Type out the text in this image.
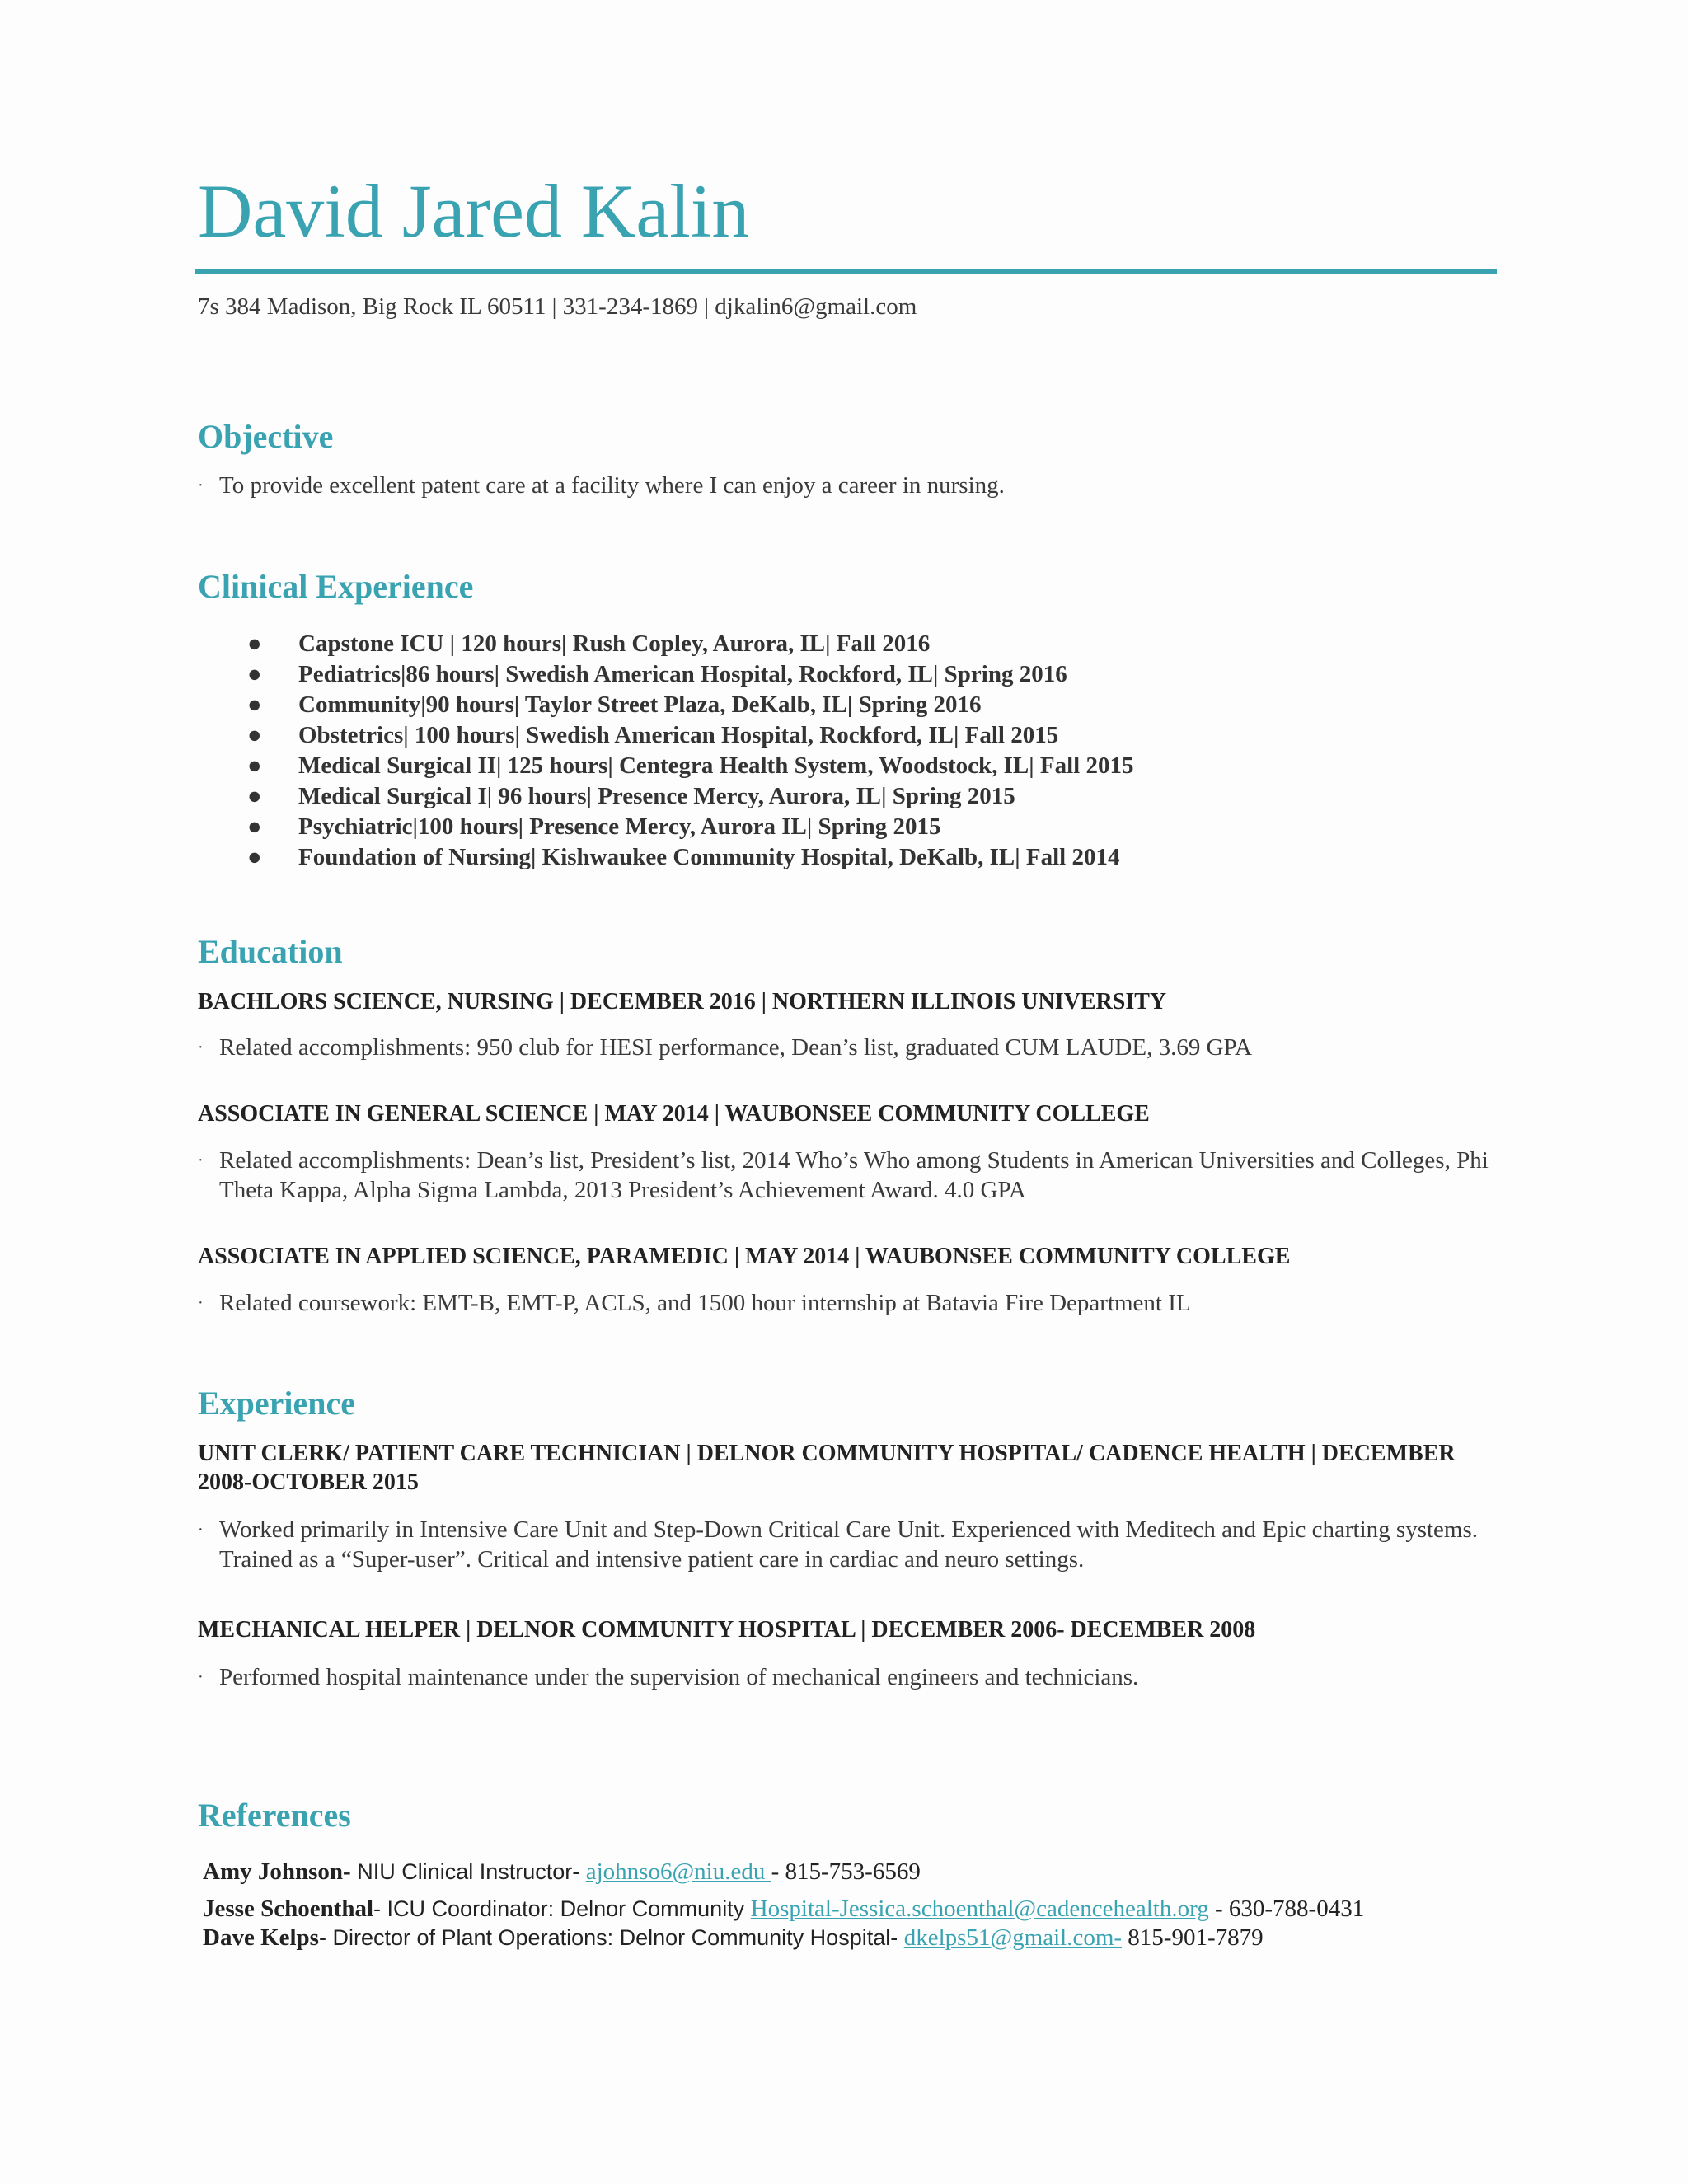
David Jared Kalin
7s 384 Madison, Big Rock IL 60511 | 331-234-1869 | djkalin6@gmail.com
Objective
· To provide excellent patent care at a facility where I can enjoy a career in nursing.
Clinical Experience
● Capstone ICU | 120 hours| Rush Copley, Aurora, IL| Fall 2016
● Pediatrics|86 hours| Swedish American Hospital, Rockford, IL| Spring 2016
● Community|90 hours| Taylor Street Plaza, DeKalb, IL| Spring 2016
● Obstetrics| 100 hours| Swedish American Hospital, Rockford, IL| Fall 2015
● Medical Surgical II| 125 hours| Centegra Health System, Woodstock, IL| Fall 2015
● Medical Surgical I| 96 hours| Presence Mercy, Aurora, IL| Spring 2015
● Psychiatric|100 hours| Presence Mercy, Aurora IL| Spring 2015
● Foundation of Nursing| Kishwaukee Community Hospital, DeKalb, IL| Fall 2014
Education
BACHLORS SCIENCE, NURSING | DECEMBER 2016 | NORTHERN ILLINOIS UNIVERSITY
· Related accomplishments: 950 club for HESI performance, Dean’s list, graduated CUM LAUDE, 3.69 GPA
ASSOCIATE IN GENERAL SCIENCE | MAY 2014 | WAUBONSEE COMMUNITY COLLEGE
· Related accomplishments: Dean’s list, President’s list, 2014 Who’s Who among Students in American Universities and Colleges, Phi Theta Kappa, Alpha Sigma Lambda, 2013 President’s Achievement Award. 4.0 GPA
ASSOCIATE IN APPLIED SCIENCE, PARAMEDIC | MAY 2014 | WAUBONSEE COMMUNITY COLLEGE
· Related coursework: EMT-B, EMT-P, ACLS, and 1500 hour internship at Batavia Fire Department IL
Experience
UNIT CLERK/ PATIENT CARE TECHNICIAN | DELNOR COMMUNITY HOSPITAL/ CADENCE HEALTH | DECEMBER 2008-OCTOBER 2015
· Worked primarily in Intensive Care Unit and Step-Down Critical Care Unit. Experienced with Meditech and Epic charting systems. Trained as a “Super-user”. Critical and intensive patient care in cardiac and neuro settings.
MECHANICAL HELPER | DELNOR COMMUNITY HOSPITAL | DECEMBER 2006- DECEMBER 2008
· Performed hospital maintenance under the supervision of mechanical engineers and technicians.
References
Amy Johnson- NIU Clinical Instructor- ajohnso6@niu.edu - 815-753-6569
Jesse Schoenthal- ICU Coordinator: Delnor Community Hospital-Jessica.schoenthal@cadencehealth.org - 630-788-0431
Dave Kelps- Director of Plant Operations: Delnor Community Hospital- dkelps51@gmail.com- 815-901-7879
